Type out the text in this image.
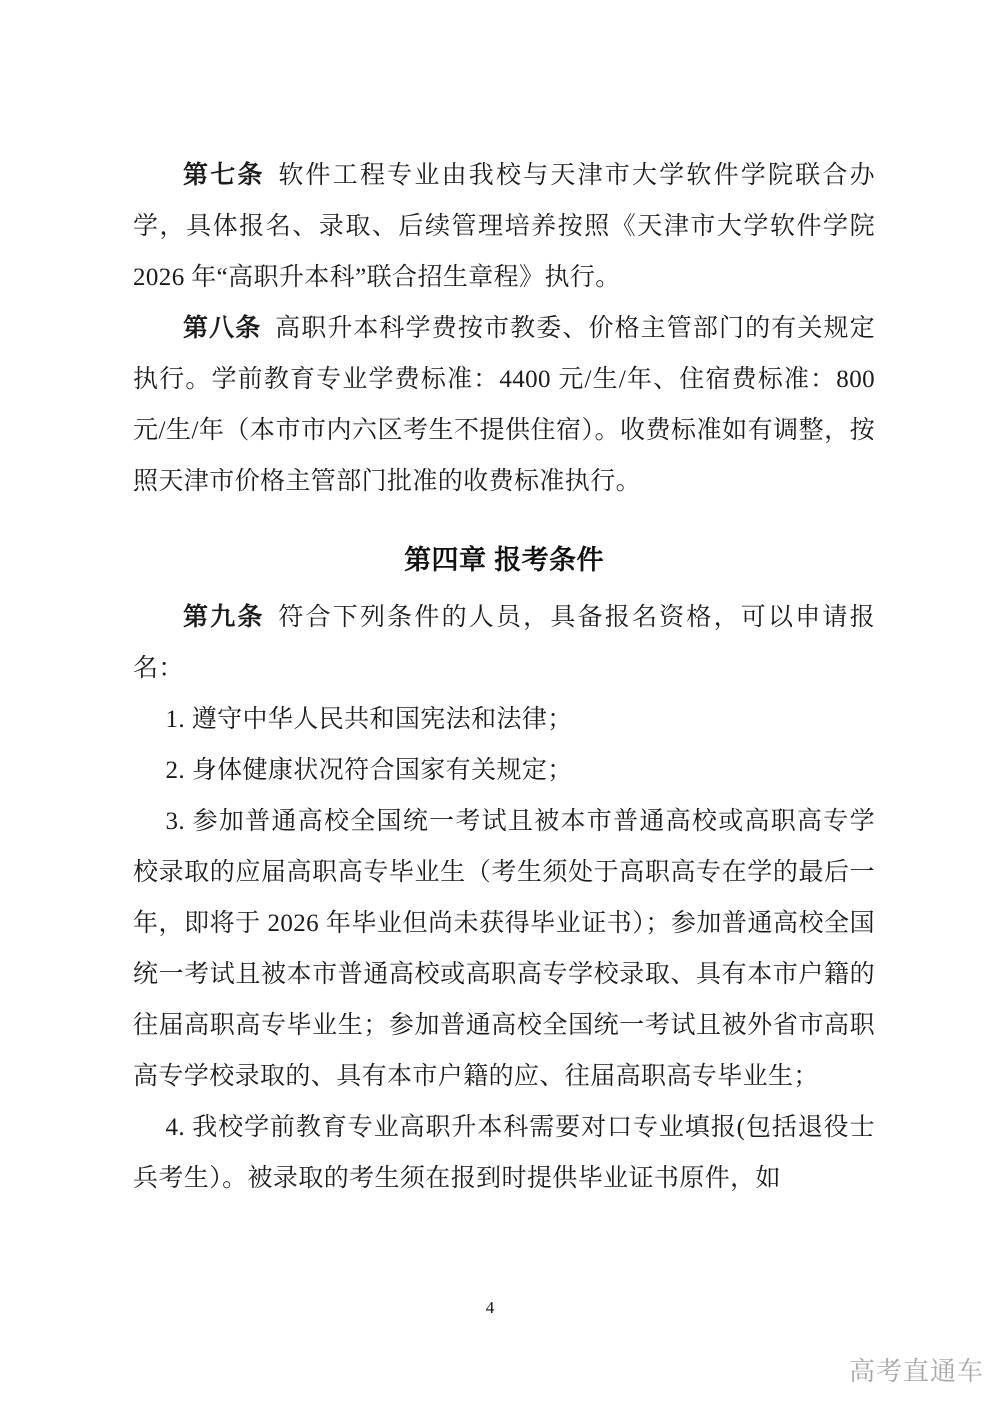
第七条 软件工程专业由我校与天津市大学软件学院联合办学，具体报名、录取、后续管理培养按照《天津市大学软件学院 2026 年“高职升本科”联合招生章程》执行。

第八条 高职升本科学费按市教委、价格主管部门的有关规定执行。学前教育专业学费标准：4400 元/生/年、住宿费标准：800 元/生/年（本市市内六区考生不提供住宿）。收费标准如有调整，按照天津市价格主管部门批准的收费标准执行。

第四章 报考条件

第九条 符合下列条件的人员，具备报名资格，可以申请报名：

1. 遵守中华人民共和国宪法和法律；

2. 身体健康状况符合国家有关规定；

3. 参加普通高校全国统一考试且被本市普通高校或高职高专学校录取的应届高职高专毕业生（考生须处于高职高专在学的最后一年，即将于 2026 年毕业但尚未获得毕业证书）；参加普通高校全国统一考试且被本市普通高校或高职高专学校录取、具有本市户籍的往届高职高专毕业生；参加普通高校全国统一考试且被外省市高职高专学校录取的、具有本市户籍的应、往届高职高专毕业生；

4. 我校学前教育专业高职升本科需要对口专业填报(包括退役士兵考生）。被录取的考生须在报到时提供毕业证书原件，如

4
高考直通车
